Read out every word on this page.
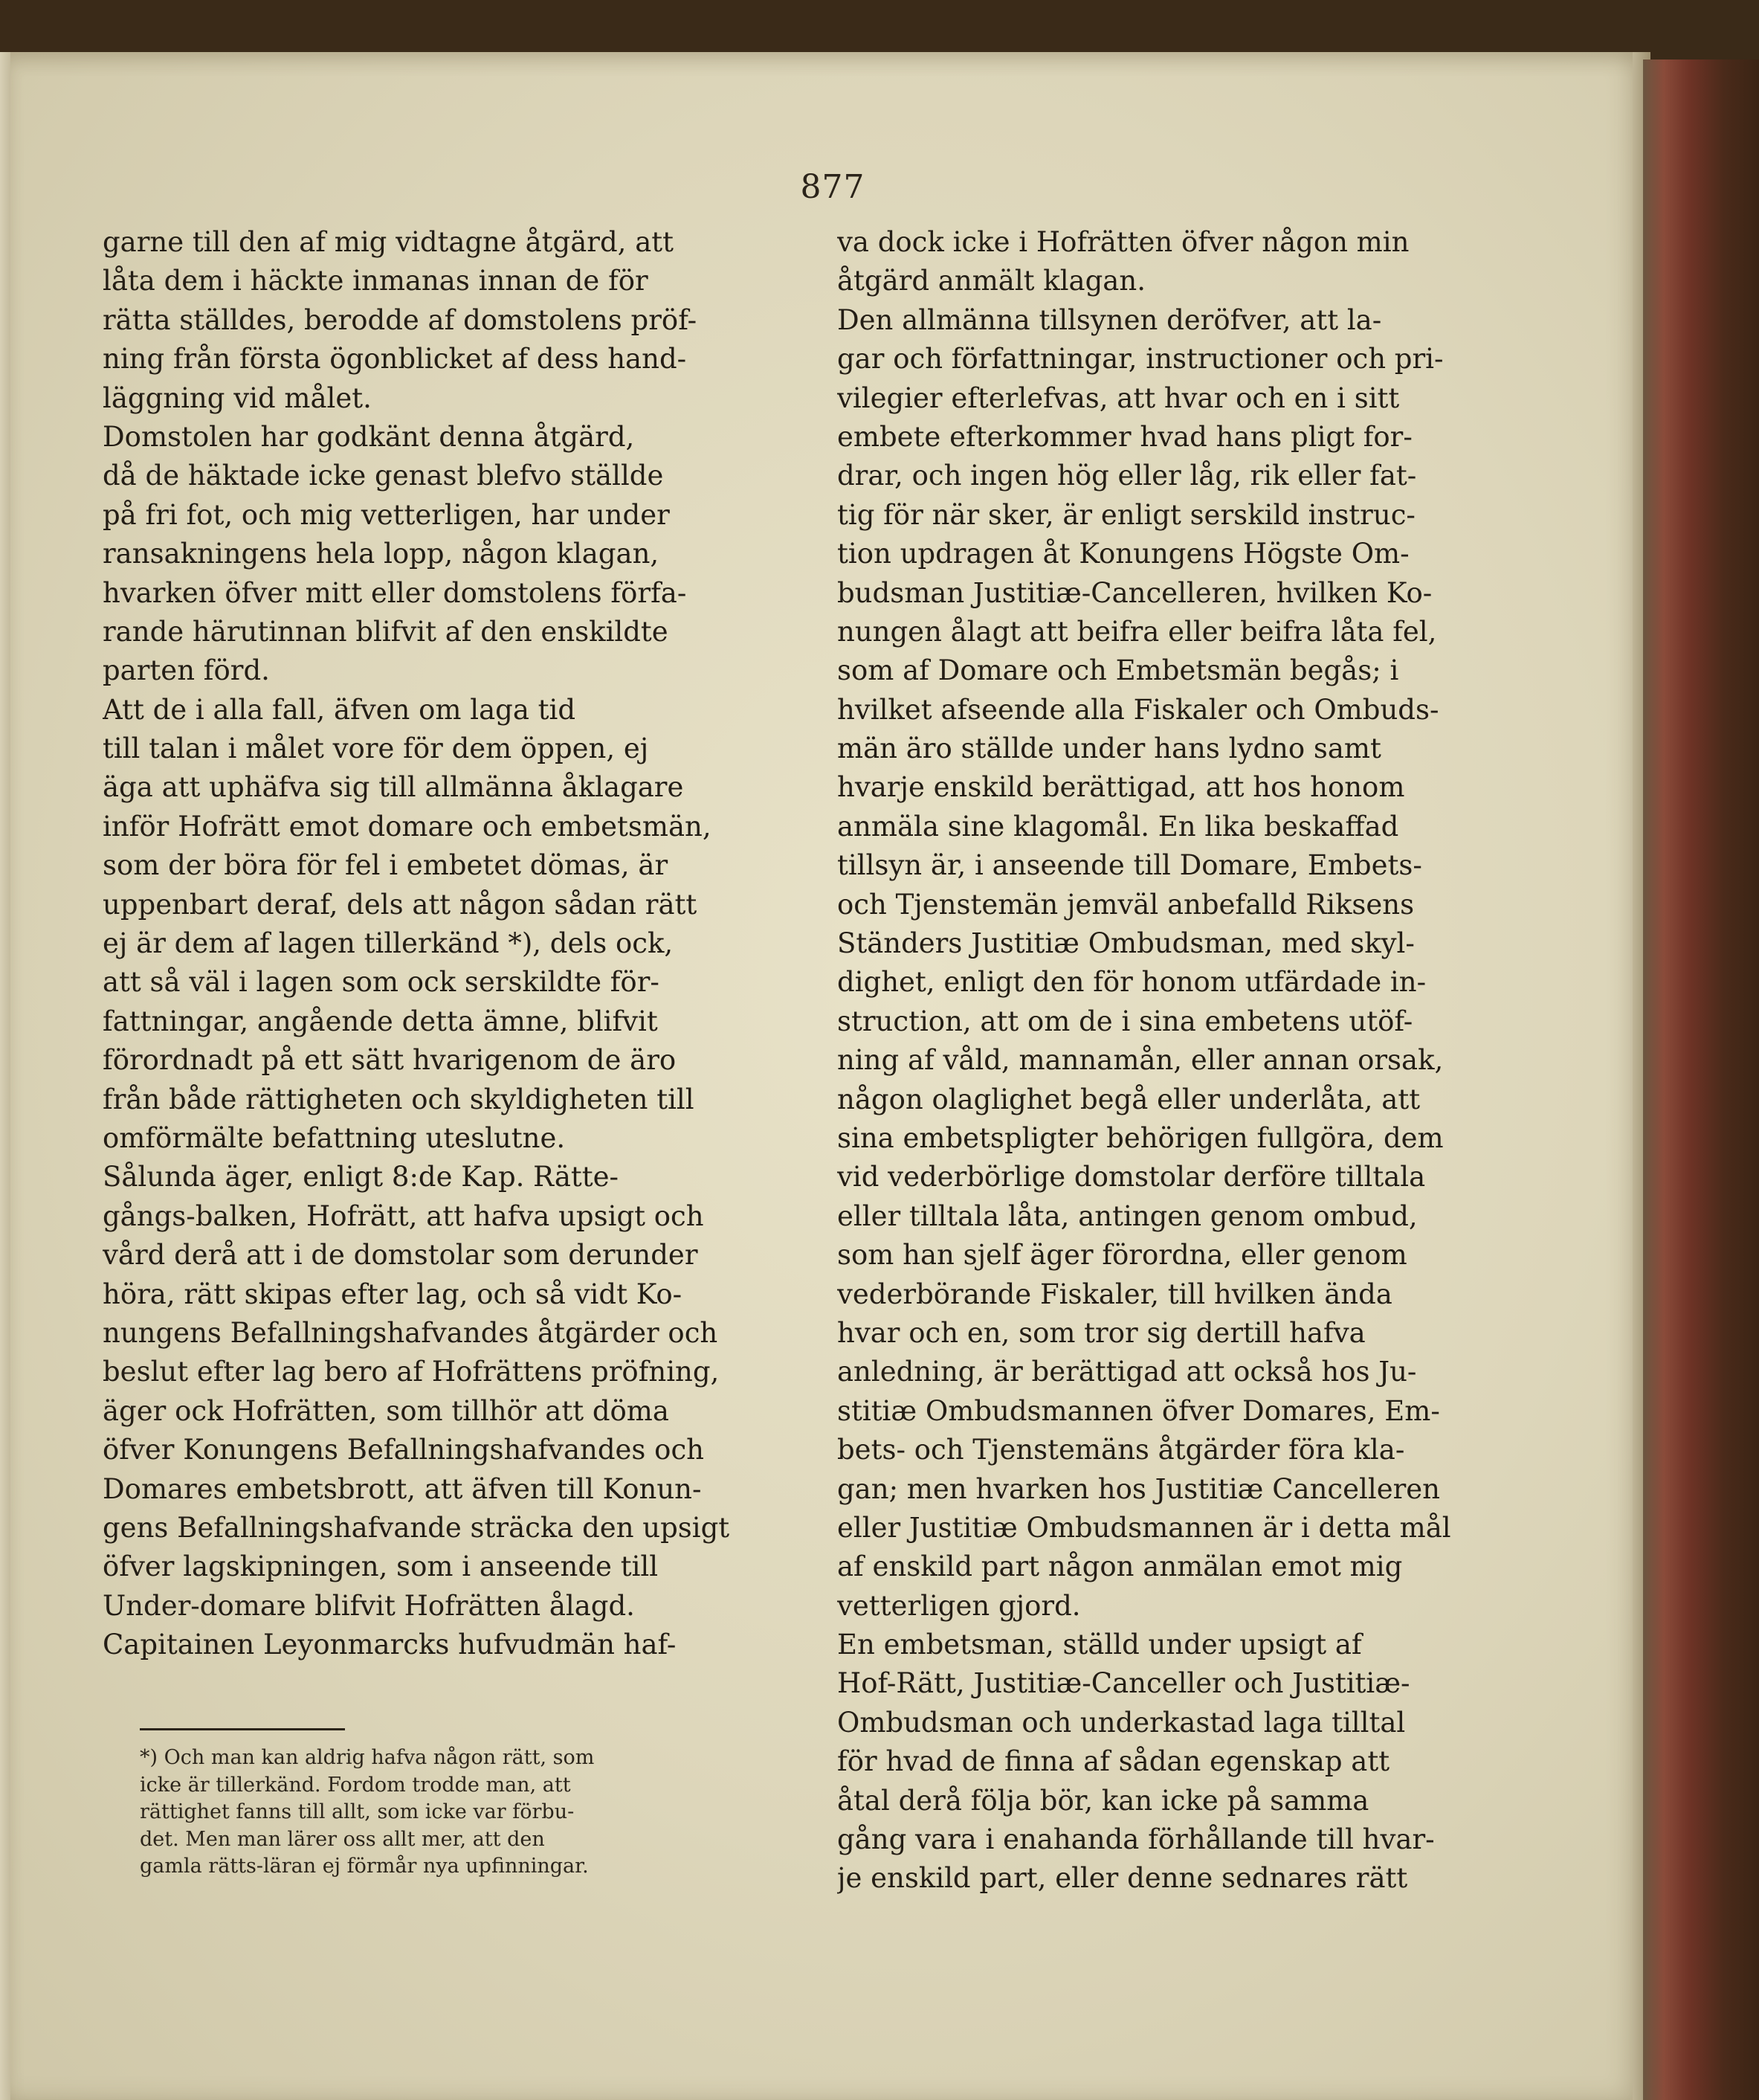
877
garne till den af mig vidtagne åtgärd, att
låta dem i häckte inmanas innan de för
rätta ställdes, berodde af domstolens pröf-
ning från första ögonblicket af dess hand-
läggning vid målet.
Domstolen har godkänt denna åtgärd,
då de häktade icke genast blefvo ställde
på fri fot, och mig vetterligen, har under
ransakningens hela lopp, någon klagan,
hvarken öfver mitt eller domstolens förfa-
rande härutinnan blifvit af den enskildte
parten förd.
Att de i alla fall, äfven om laga tid
till talan i målet vore för dem öppen, ej
äga att uphäfva sig till allmänna åklagare
inför Hofrätt emot domare och embetsmän,
som der böra för fel i embetet dömas, är
uppenbart deraf, dels att någon sådan rätt
ej är dem af lagen tillerkänd *), dels ock,
att så väl i lagen som ock serskildte för-
fattningar, angående detta ämne, blifvit
förordnadt på ett sätt hvarigenom de äro
från både rättigheten och skyldigheten till
omförmälte befattning uteslutne.
Sålunda äger, enligt 8:de Kap. Rätte-
gångs-balken, Hofrätt, att hafva upsigt och
vård derå att i de domstolar som derunder
höra, rätt skipas efter lag, och så vidt Ko-
nungens Befallningshafvandes åtgärder och
beslut efter lag bero af Hofrättens pröfning,
äger ock Hofrätten, som tillhör att döma
öfver Konungens Befallningshafvandes och
Domares embetsbrott, att äfven till Konun-
gens Befallningshafvande sträcka den upsigt
öfver lagskipningen, som i anseende till
Under-domare blifvit Hofrätten ålagd.
Capitainen Leyonmarcks hufvudmän haf-
*) Och man kan aldrig hafva någon rätt, som
icke är tillerkänd. Fordom trodde man, att
rättighet fanns till allt, som icke var förbu-
det. Men man lärer oss allt mer, att den
gamla rätts-läran ej förmår nya upfinningar.
va dock icke i Hofrätten öfver någon min
åtgärd anmält klagan.
Den allmänna tillsynen deröfver, att la-
gar och författningar, instructioner och pri-
vilegier efterlefvas, att hvar och en i sitt
embete efterkommer hvad hans pligt for-
drar, och ingen hög eller låg, rik eller fat-
tig för när sker, är enligt serskild instruc-
tion updragen åt Konungens Högste Om-
budsman Justitiæ-Cancelleren, hvilken Ko-
nungen ålagt att beifra eller beifra låta fel,
som af Domare och Embetsmän begås; i
hvilket afseende alla Fiskaler och Ombuds-
män äro ställde under hans lydno samt
hvarje enskild berättigad, att hos honom
anmäla sine klagomål. En lika beskaffad
tillsyn är, i anseende till Domare, Embets-
och Tjenstemän jemväl anbefalld Riksens
Ständers Justitiæ Ombudsman, med skyl-
dighet, enligt den för honom utfärdade in-
struction, att om de i sina embetens utöf-
ning af våld, mannamån, eller annan orsak,
någon olaglighet begå eller underlåta, att
sina embetspligter behörigen fullgöra, dem
vid vederbörlige domstolar derföre tilltala
eller tilltala låta, antingen genom ombud,
som han sjelf äger förordna, eller genom
vederbörande Fiskaler, till hvilken ända
hvar och en, som tror sig dertill hafva
anledning, är berättigad att också hos Ju-
stitiæ Ombudsmannen öfver Domares, Em-
bets- och Tjenstemäns åtgärder föra kla-
gan; men hvarken hos Justitiæ Cancelleren
eller Justitiæ Ombudsmannen är i detta mål
af enskild part någon anmälan emot mig
vetterligen gjord.
En embetsman, ställd under upsigt af
Hof-Rätt, Justitiæ-Canceller och Justitiæ-
Ombudsman och underkastad laga tilltal
för hvad de finna af sådan egenskap att
åtal derå följa bör, kan icke på samma
gång vara i enahanda förhållande till hvar-
je enskild part, eller denne sednares rätt
